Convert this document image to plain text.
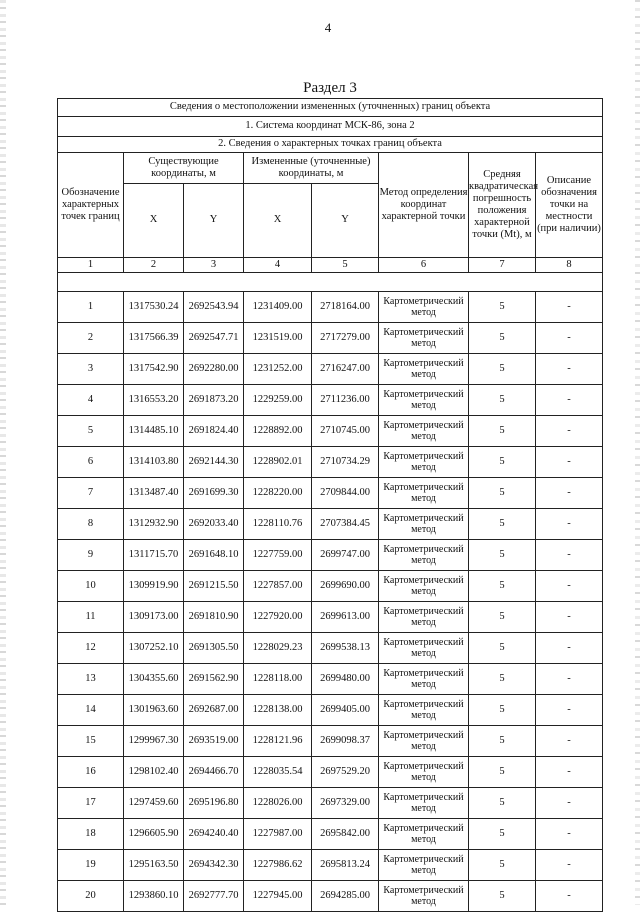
4
Раздел 3
Сведения о местоположении измененных (уточненных) границ объекта							
1. Система координат МСК-86, зона 2							
2. Сведения о характерных точках границ объекта							
Обозначение характерных точек границ	Существующие координаты, м		Измененные (уточненные) координаты, м		Метод определения координат характерной точки	Средняя квадратическая погрешность положения характерной точки (Mt), м	Описание обозначения точки на местности (при наличии)
	X	Y	X	Y			
1	2	3	4	5	6	7	8

1	1317530.24	2692543.94	1231409.00	2718164.00	Картометрический метод	5	-
2	1317566.39	2692547.71	1231519.00	2717279.00	Картометрический метод	5	-
3	1317542.90	2692280.00	1231252.00	2716247.00	Картометрический метод	5	-
4	1316553.20	2691873.20	1229259.00	2711236.00	Картометрический метод	5	-
5	1314485.10	2691824.40	1228892.00	2710745.00	Картометрический метод	5	-
6	1314103.80	2692144.30	1228902.01	2710734.29	Картометрический метод	5	-
7	1313487.40	2691699.30	1228220.00	2709844.00	Картометрический метод	5	-
8	1312932.90	2692033.40	1228110.76	2707384.45	Картометрический метод	5	-
9	1311715.70	2691648.10	1227759.00	2699747.00	Картометрический метод	5	-
10	1309919.90	2691215.50	1227857.00	2699690.00	Картометрический метод	5	-
11	1309173.00	2691810.90	1227920.00	2699613.00	Картометрический метод	5	-
12	1307252.10	2691305.50	1228029.23	2699538.13	Картометрический метод	5	-
13	1304355.60	2691562.90	1228118.00	2699480.00	Картометрический метод	5	-
14	1301963.60	2692687.00	1228138.00	2699405.00	Картометрический метод	5	-
15	1299967.30	2693519.00	1228121.96	2699098.37	Картометрический метод	5	-
16	1298102.40	2694466.70	1228035.54	2697529.20	Картометрический метод	5	-
17	1297459.60	2695196.80	1228026.00	2697329.00	Картометрический метод	5	-
18	1296605.90	2694240.40	1227987.00	2695842.00	Картометрический метод	5	-
19	1295163.50	2694342.30	1227986.62	2695813.24	Картометрический метод	5	-
20	1293860.10	2692777.70	1227945.00	2694285.00	Картометрический метод	5	-
